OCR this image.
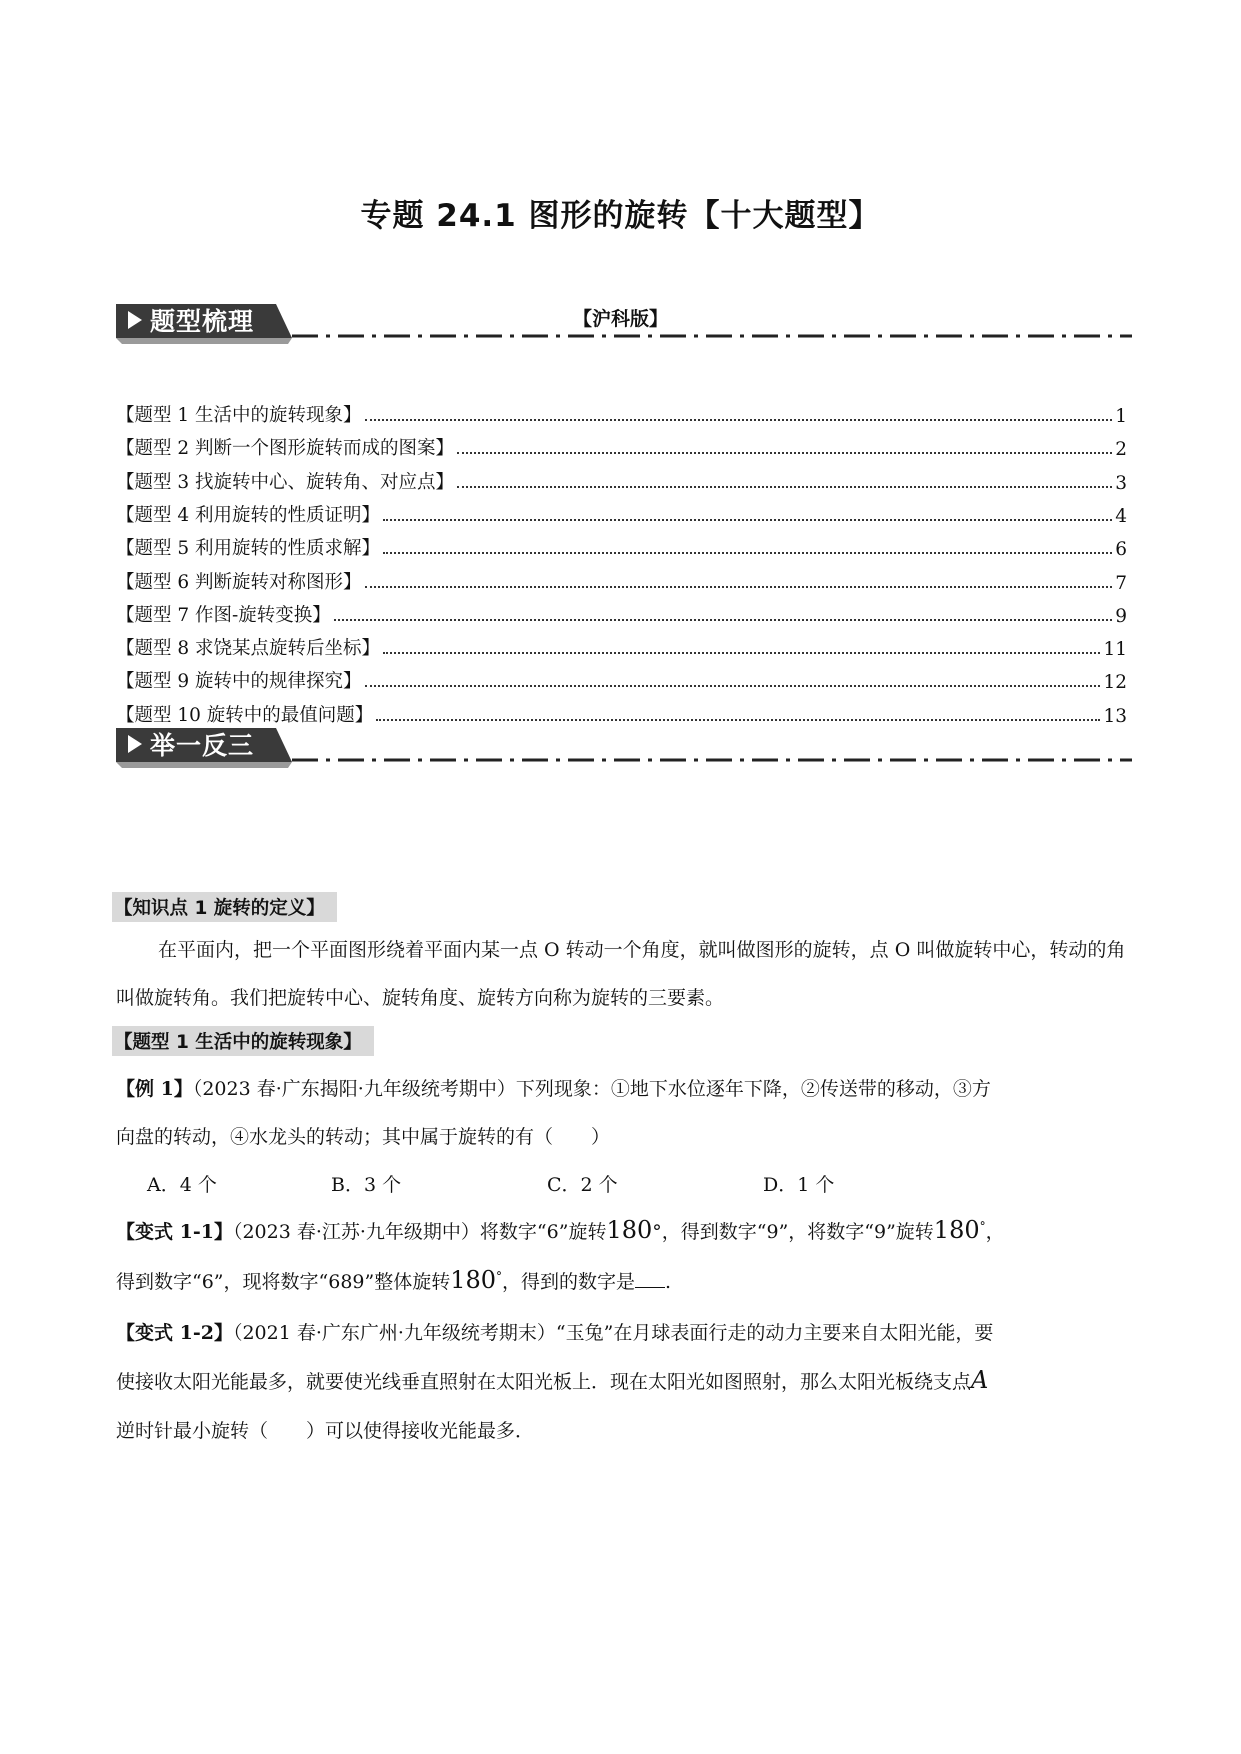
专题 24.1 图形的旋转【十大题型】
【沪科版】
题型梳理
【题型 1 生活中的旋转现象】	1
【题型 2 判断一个图形旋转而成的图案】	2
【题型 3 找旋转中心、旋转角、对应点】	3
【题型 4 利用旋转的性质证明】	4
【题型 5 利用旋转的性质求解】	6
【题型 6 判断旋转对称图形】	7
【题型 7 作图-旋转变换】	9
【题型 8 求饶某点旋转后坐标】	11
【题型 9 旋转中的规律探究】	12
【题型 10 旋转中的最值问题】	13
举一反三
【知识点 1 旋转的定义】
在平面内，把一个平面图形绕着平面内某一点 O 转动一个角度，就叫做图形的旋转，点 O 叫做旋转中心，转动的角叫做旋转角。我们把旋转中心、旋转角度、旋转方向称为旋转的三要素。
【题型 1 生活中的旋转现象】
【例 1】（2023 春·广东揭阳·九年级统考期中）下列现象：①地下水位逐年下降，②传送带的移动，③方
向盘的转动，④水龙头的转动；其中属于旋转的有（　　）
A．4 个	B．3 个	C．2 个	D．1 个
【变式 1-1】（2023 春·江苏·九年级期中）将数字“6”旋转180°，得到数字“9”，将数字“9”旋转180°，
得到数字“6”，现将数字“689”整体旋转180°，得到的数字是 .
【变式 1-2】（2021 春·广东广州·九年级统考期末）“玉兔”在月球表面行走的动力主要来自太阳光能，要
使接收太阳光能最多，就要使光线垂直照射在太阳光板上．现在太阳光如图照射，那么太阳光板绕支点A
逆时针最小旋转（　　）可以使得接收光能最多．
